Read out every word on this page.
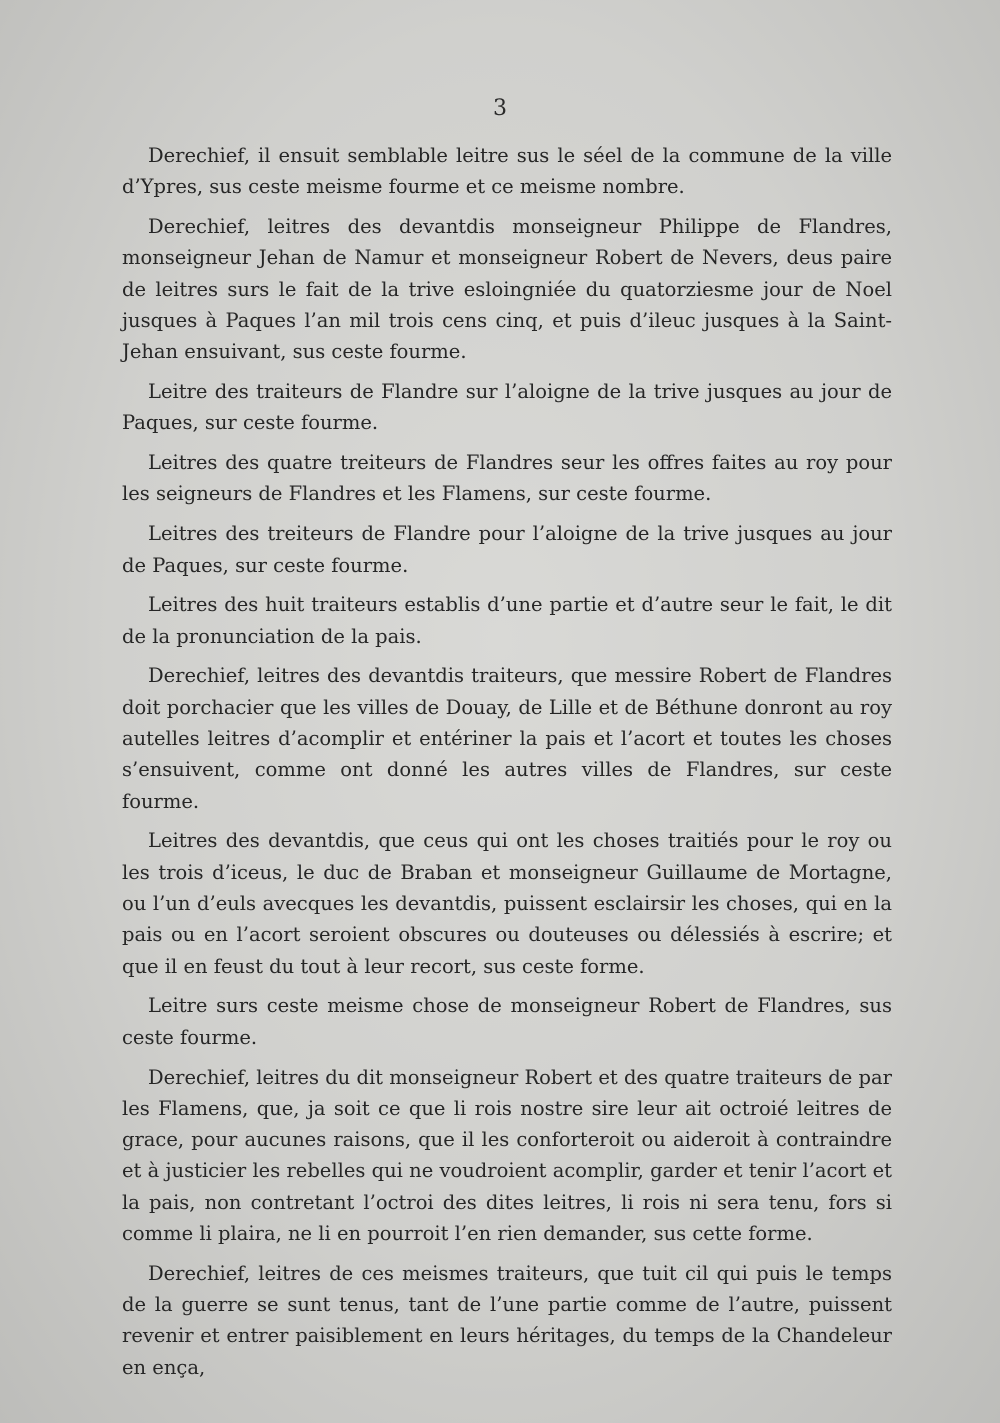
3

Derechief, il ensuit semblable leitre sus le séel de la commune de la ville d’Ypres, sus ceste meisme fourme et ce meisme nombre.

Derechief, leitres des devantdis monseigneur Philippe de Flandres, monseigneur Jehan de Namur et monseigneur Robert de Nevers, deus paire de leitres surs le fait de la trive esloingniée du quatorziesme jour de Noel jusques à Paques l’an mil trois cens cinq, et puis d’ileuc jusques à la Saint-Jehan ensuivant, sus ceste fourme.

Leitre des traiteurs de Flandre sur l’aloigne de la trive jusques au jour de Paques, sur ceste fourme.

Leitres des quatre treiteurs de Flandres seur les offres faites au roy pour les seigneurs de Flandres et les Flamens, sur ceste fourme.

Leitres des treiteurs de Flandre pour l’aloigne de la trive jusques au jour de Paques, sur ceste fourme.

Leitres des huit traiteurs establis d’une partie et d’autre seur le fait, le dit de la pronunciation de la pais.

Derechief, leitres des devantdis traiteurs, que messire Robert de Flandres doit porchacier que les villes de Douay, de Lille et de Béthune donront au roy autelles leitres d’acomplir et entériner la pais et l’acort et toutes les choses s’ensuivent, comme ont donné les autres villes de Flandres, sur ceste fourme.

Leitres des devantdis, que ceus qui ont les choses traitiés pour le roy ou les trois d’iceus, le duc de Braban et monseigneur Guillaume de Mortagne, ou l’un d’euls avecques les devantdis, puissent esclairsir les choses, qui en la pais ou en l’acort seroient obscures ou douteuses ou délessiés à escrire; et que il en feust du tout à leur recort, sus ceste forme.

Leitre surs ceste meisme chose de monseigneur Robert de Flandres, sus ceste fourme.

Derechief, leitres du dit monseigneur Robert et des quatre traiteurs de par les Flamens, que, ja soit ce que li rois nostre sire leur ait octroié leitres de grace, pour aucunes raisons, que il les conforteroit ou aideroit à contraindre et à justicier les rebelles qui ne voudroient acomplir, garder et tenir l’acort et la pais, non contretant l’octroi des dites leitres, li rois ni sera tenu, fors si comme li plaira, ne li en pourroit l’en rien demander, sus cette forme.

Derechief, leitres de ces meismes traiteurs, que tuit cil qui puis le temps de la guerre se sunt tenus, tant de l’une partie comme de l’autre, puissent revenir et entrer paisiblement en leurs héritages, du temps de la Chandeleur en ença,
